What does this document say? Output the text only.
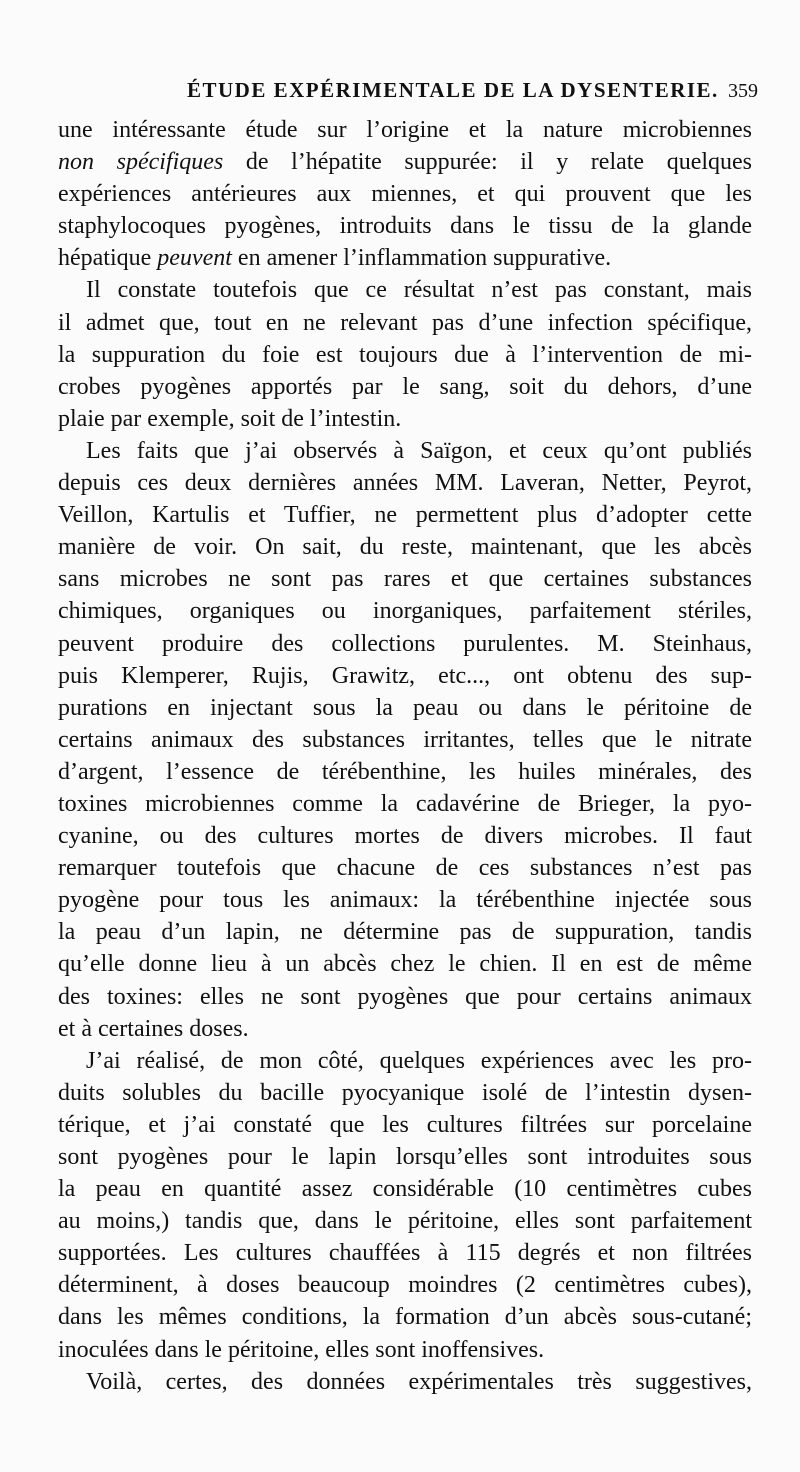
ÉTUDE EXPÉRIMENTALE DE LA DYSENTERIE. 359
une intéressante étude sur l’origine et la nature microbiennes
non spécifiques de l’hépatite suppurée: il y relate quelques
expériences antérieures aux miennes, et qui prouvent que les
staphylocoques pyogènes, introduits dans le tissu de la glande
hépatique peuvent en amener l’inflammation suppurative.
Il constate toutefois que ce résultat n’est pas constant, mais
il admet que, tout en ne relevant pas d’une infection spécifique,
la suppuration du foie est toujours due à l’intervention de mi-
crobes pyogènes apportés par le sang, soit du dehors, d’une
plaie par exemple, soit de l’intestin.
Les faits que j’ai observés à Saïgon, et ceux qu’ont publiés
depuis ces deux dernières années MM. Laveran, Netter, Peyrot,
Veillon, Kartulis et Tuffier, ne permettent plus d’adopter cette
manière de voir. On sait, du reste, maintenant, que les abcès
sans microbes ne sont pas rares et que certaines substances
chimiques, organiques ou inorganiques, parfaitement stériles,
peuvent produire des collections purulentes. M. Steinhaus,
puis Klemperer, Rujis, Grawitz, etc..., ont obtenu des sup-
purations en injectant sous la peau ou dans le péritoine de
certains animaux des substances irritantes, telles que le nitrate
d’argent, l’essence de térébenthine, les huiles minérales, des
toxines microbiennes comme la cadavérine de Brieger, la pyo-
cyanine, ou des cultures mortes de divers microbes. Il faut
remarquer toutefois que chacune de ces substances n’est pas
pyogène pour tous les animaux: la térébenthine injectée sous
la peau d’un lapin, ne détermine pas de suppuration, tandis
qu’elle donne lieu à un abcès chez le chien. Il en est de même
des toxines: elles ne sont pyogènes que pour certains animaux
et à certaines doses.
J’ai réalisé, de mon côté, quelques expériences avec les pro-
duits solubles du bacille pyocyanique isolé de l’intestin dysen-
térique, et j’ai constaté que les cultures filtrées sur porcelaine
sont pyogènes pour le lapin lorsqu’elles sont introduites sous
la peau en quantité assez considérable (10 centimètres cubes
au moins,) tandis que, dans le péritoine, elles sont parfaitement
supportées. Les cultures chauffées à 115 degrés et non filtrées
déterminent, à doses beaucoup moindres (2 centimètres cubes),
dans les mêmes conditions, la formation d’un abcès sous-cutané;
inoculées dans le péritoine, elles sont inoffensives.
Voilà, certes, des données expérimentales très suggestives,
